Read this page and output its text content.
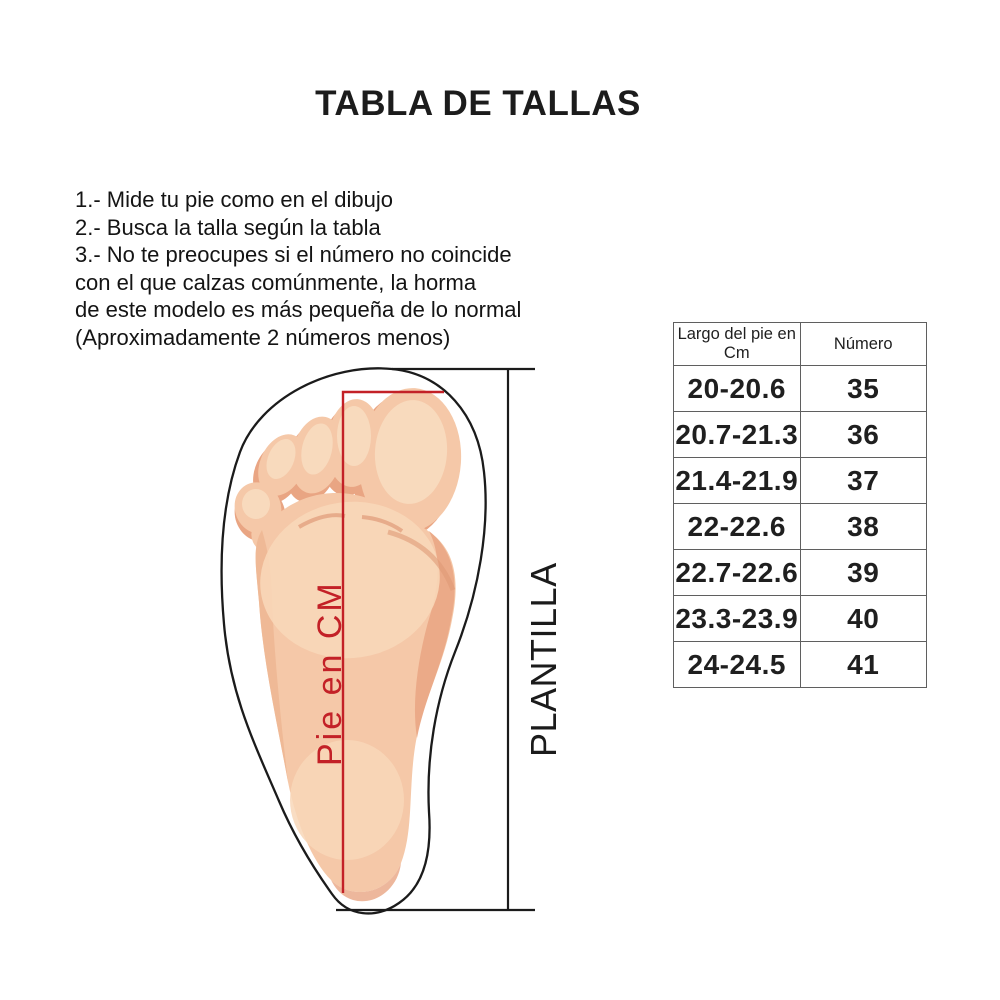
TABLA DE TALLAS
1.- Mide tu pie como en el dibujo
2.- Busca la talla según la tabla
3.- No te preocupes si el número no coincide
con el que calzas comúnmente, la horma
de este modelo es más pequeña de lo normal
(Aproximadamente 2 números menos)
PLANTILLA
Pie en CM
Largo del pie en
Cm	Número
20-20.6	35
20.7-21.3	36
21.4-21.9	37
22-22.6	38
22.7-22.6	39
23.3-23.9	40
24-24.5	41
